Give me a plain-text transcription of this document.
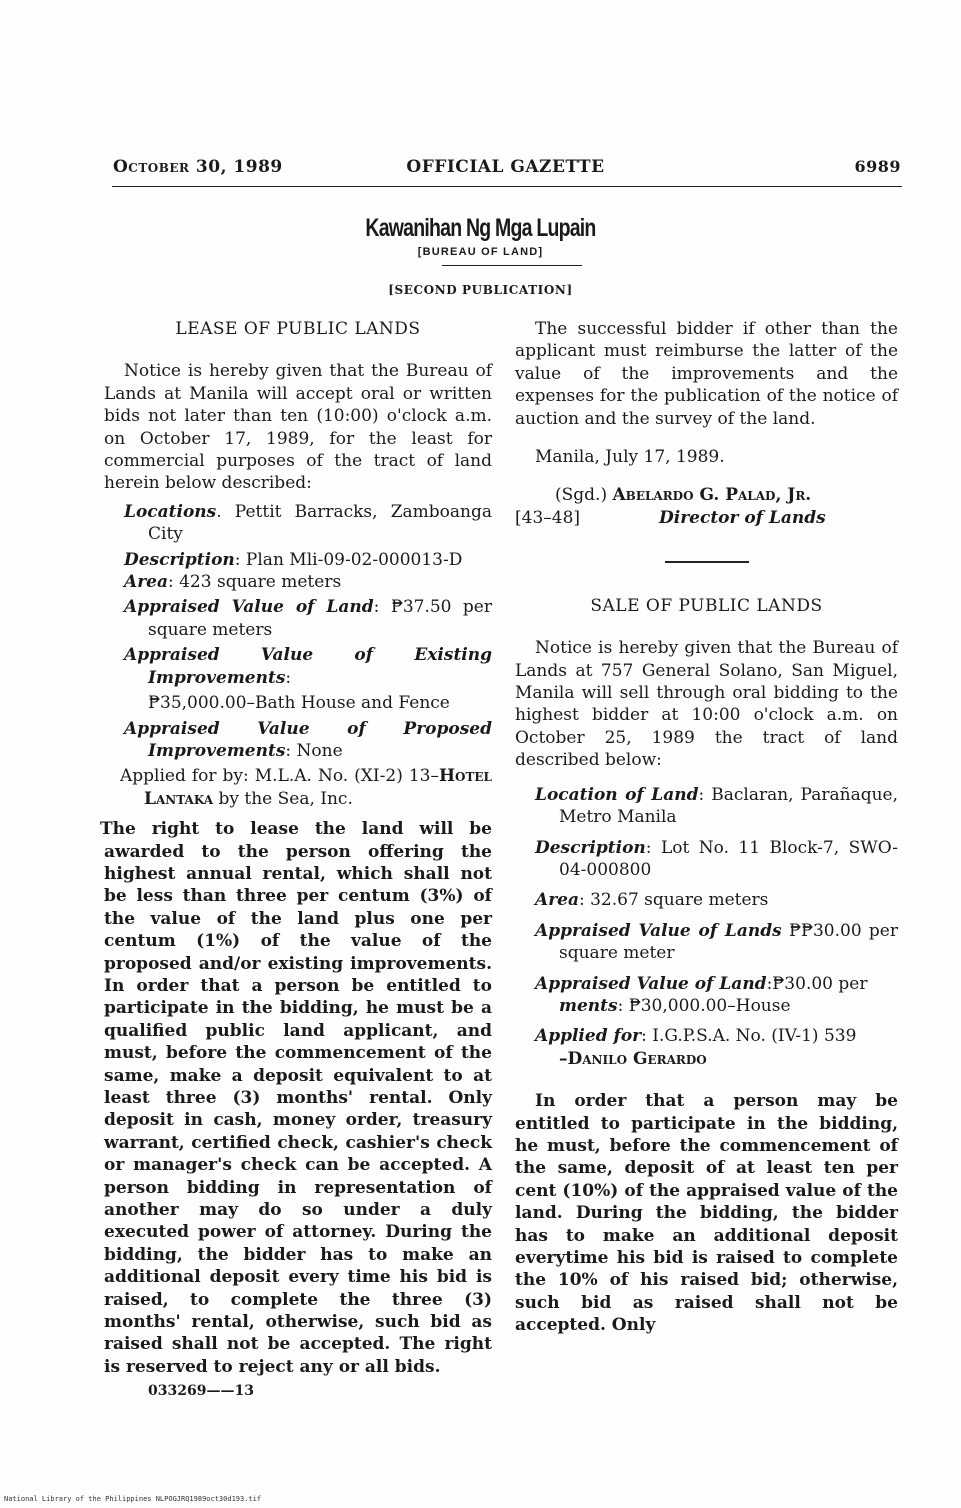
October 30, 1989	OFFICIAL GAZETTE	6989
Kawanihan Ng Mga Lupain
[BUREAU OF LAND]
[SECOND PUBLICATION]
LEASE OF PUBLIC LANDS

Notice is hereby given that the Bureau of Lands at Manila will accept oral or written bids not later than ten (10:00) o'clock a.m. on October 17, 1989, for the least for commercial purposes of the tract of land herein below described:

Locations. Pettit Barracks, Zamboanga City

Description: Plan Mli-09-02-000013-D

Area: 423 square meters

Appraised Value of Land: ₱37.50 per square meters

Appraised Value of Existing Improvements:

₱35,000.00–Bath House and Fence

Appraised Value of Proposed Improvements: None

Applied for by: M.L.A. No. (XI-2) 13–Hotel Lantaka by the Sea, Inc.

The right to lease the land will be awarded to the person offering the highest annual rental, which shall not be less than three per centum (3%) of the value of the land plus one per centum (1%) of the value of the proposed and/or existing improvements. In order that a person be entitled to participate in the bidding, he must be a qualified public land applicant, and must, before the commencement of the same, make a deposit equivalent to at least three (3) months' rental. Only deposit in cash, money order, treasury warrant, certified check, cashier's check or manager's check can be accepted. A person bidding in representation of another may do so under a duly executed power of attorney. During the bidding, the bidder has to make an additional deposit every time his bid is raised, to complete the three (3) months' rental, otherwise, such bid as raised shall not be accepted. The right is reserved to reject any or all bids.

033269——13

The successful bidder if other than the applicant must reimburse the latter of the value of the improvements and the expenses for the publication of the notice of auction and the survey of the land.

Manila, July 17, 1989.

(Sgd.) Abelardo G. Palad, Jr.
[43–48]	Director of Lands
SALE OF PUBLIC LANDS

Notice is hereby given that the Bureau of Lands at 757 General Solano, San Miguel, Manila will sell through oral bidding to the highest bidder at 10:00 o'clock a.m. on October 25, 1989 the tract of land described below:

Location of Land: Baclaran, Parañaque, Metro Manila

Description: Lot No. 11 Block-7, SWO-04-000800

Area: 32.67 square meters

Appraised Value of Lands ₱₱30.00 per square meter

Appraised Value of Land:₱30.00 per

ments: ₱30,000.00–House

Applied for: I.G.P.S.A. No. (IV-1) 539

–Danilo Gerardo

In order that a person may be entitled to participate in the bidding, he must, before the commencement of the same, deposit of at least ten per cent (10%) of the appraised value of the land. During the bidding, the bidder has to make an additional deposit everytime his bid is raised to complete the 10% of his raised bid; otherwise, such bid as raised shall not be accepted. Only

National Library of the Philippines NLPOGJRQ1989oct30d193.tif
